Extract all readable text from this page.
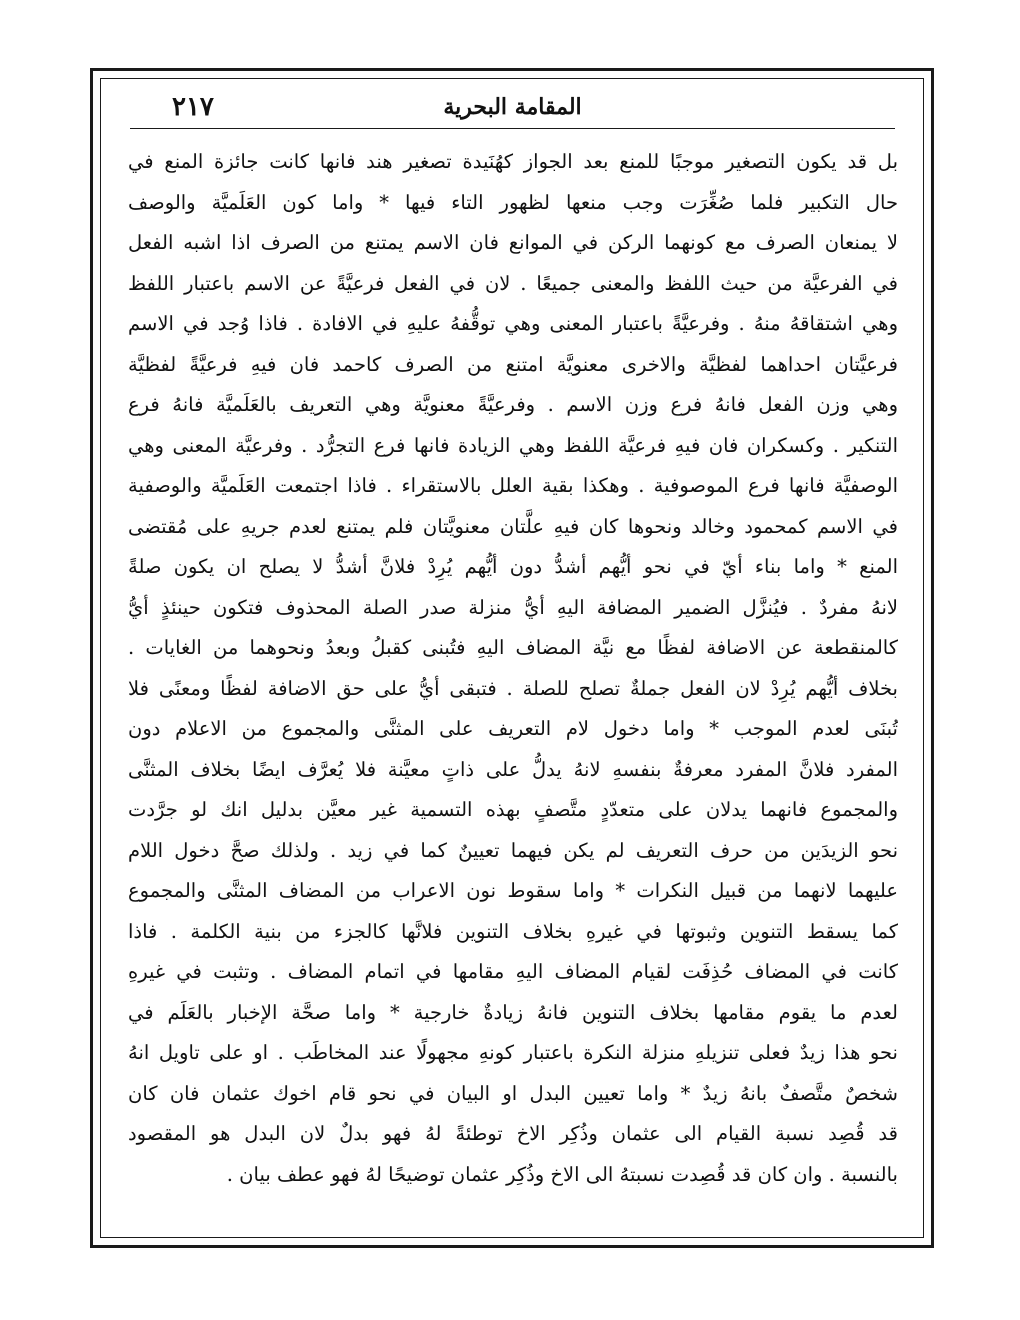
المقامة البحرية
٢١٧
بل قد يكون التصغير موجبًا للمنع بعد الجواز كهُنَيدة تصغير هند فانها كانت جائزة المنع في
حال التكبير فلما صُغِّرَت وجب منعها لظهور التاء فيها * واما كون العَلَميَّة والوصف
لا يمنعان الصرف مع كونهما الركن في الموانع فان الاسم يمتنع من الصرف اذا اشبه الفعل
في الفرعيَّة من حيث اللفظ والمعنى جميعًا . لان في الفعل فرعيَّةً عن الاسم باعتبار اللفظ
وهي اشتقاقهُ منهُ . وفرعيَّةً باعتبار المعنى وهي توقُّفهُ عليهِ في الافادة . فاذا وُجد في الاسم
فرعيَّتان احداهما لفظيَّة والاخرى معنويَّة امتنع من الصرف كاحمد فان فيهِ فرعيَّةً لفظيَّة
وهي وزن الفعل فانهُ فرع وزن الاسم . وفرعيَّةً معنويَّة وهي التعريف بالعَلَميَّة فانهُ فرع
التنكير . وكسكران فان فيهِ فرعيَّة اللفظ وهي الزيادة فانها فرع التجرُّد . وفرعيَّة المعنى وهي
الوصفيَّة فانها فرع الموصوفية . وهكذا بقية العلل بالاستقراء . فاذا اجتمعت العَلَميَّة والوصفية
في الاسم كمحمود وخالد ونحوها كان فيهِ علَّتان معنويَّتان فلم يمتنع لعدم جريهِ على مُقتضى
المنع * واما بناء أيّ في نحو أيُّهم أشدُّ دون أيُّهم يُرِدْ فلانَّ أشدُّ لا يصلح ان يكون صلةً
لانهُ مفردٌ . فيُنزَّل الضمير المضافة اليهِ أيُّ منزلة صدر الصلة المحذوف فتكون حينئذٍ أيُّ
كالمنقطعة عن الاضافة لفظًا مع نيَّة المضاف اليهِ فتُبنى كقبلُ وبعدُ ونحوهما من الغايات .
بخلاف أيُّهم يُرِدْ لان الفعل جملةٌ تصلح للصلة . فتبقى أيُّ على حق الاضافة لفظًا ومعنًى فلا
تُبنَى لعدم الموجب * واما دخول لام التعريف على المثنَّى والمجموع من الاعلام دون
المفرد فلانَّ المفرد معرفةٌ بنفسهِ لانهُ يدلُّ على ذاتٍ معيَّنة فلا يُعرَّف ايضًا بخلاف المثنَّى
والمجموع فانهما يدلان على متعدّدٍ متَّصفٍ بهذه التسمية غير معيَّن بدليل انك لو جرَّدت
نحو الزيدَين من حرف التعريف لم يكن فيهما تعيينٌ كما في زيد . ولذلك صحَّ دخول اللام
عليهما لانهما من قبيل النكرات * واما سقوط نون الاعراب من المضاف المثنَّى والمجموع
كما يسقط التنوين وثبوتها في غيرهِ بخلاف التنوين فلانَّها كالجزء من بنية الكلمة . فاذا
كانت في المضاف حُذِفَت لقيام المضاف اليهِ مقامها في اتمام المضاف . وتثبت في غيرهِ
لعدم ما يقوم مقامها بخلاف التنوين فانهُ زيادةٌ خارجية * واما صحَّة الإخبار بالعَلَم في
نحو هذا زيدٌ فعلى تنزيلهِ منزلة النكرة باعتبار كونهِ مجهولًا عند المخاطَب . او على تاويل انهُ
شخصٌ متَّصفٌ بانهُ زيدٌ * واما تعيين البدل او البيان في نحو قام اخوك عثمان فان كان
قد قُصِد نسبة القيام الى عثمان وذُكِر الاخ توطئةً لهُ فهو بدلٌ لان البدل هو المقصود
بالنسبة . وان كان قد قُصِدت نسبتهُ الى الاخ وذُكِر عثمان توضيحًا لهُ فهو عطف بيان .
